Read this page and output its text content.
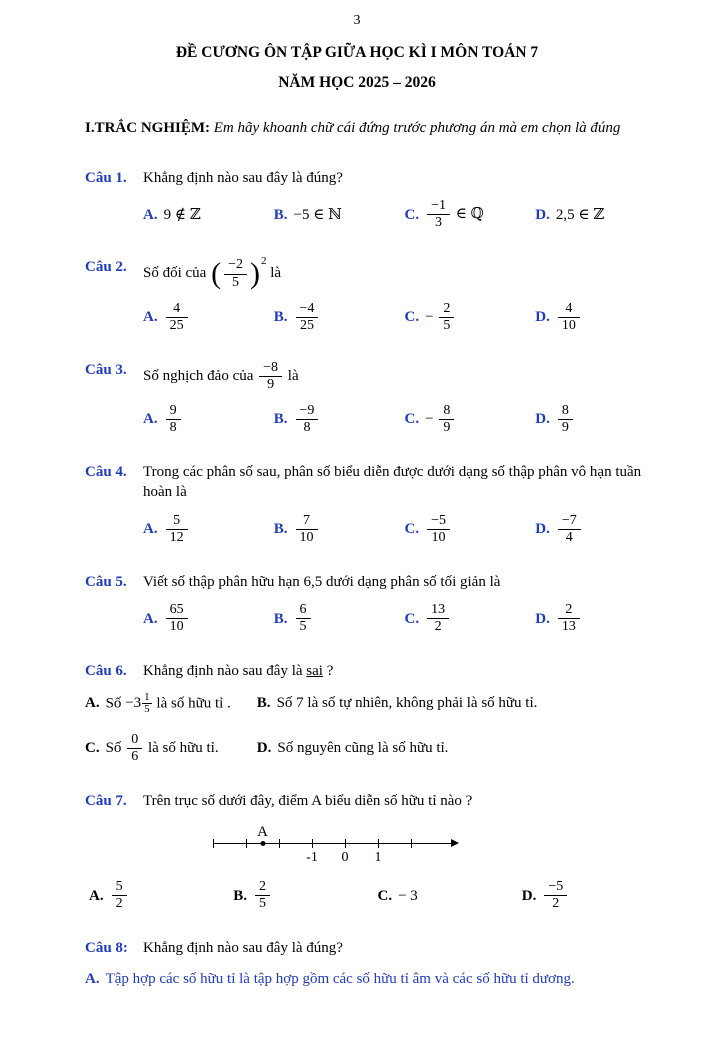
3
ĐỀ CƯƠNG ÔN TẬP GIỮA HỌC KÌ I MÔN TOÁN 7
NĂM HỌC 2025 – 2026

I.TRẮC NGHIỆM: Em hãy khoanh chữ cái đứng trước phương án mà em chọn là đúng

Câu 1.	Khẳng định nào sau đây là đúng?
A. 9 ∉ ℤ	B. −5 ∈ ℕ	C. $\frac{-1}{3}$ ∈ ℚ	D. 2,5 ∈ ℤ
Câu 2.	Số đối của ( $\frac{-2}{5} )2$ là
A. $\frac{4}{25}$	B. $\frac{-4}{25}$	C. − $\frac{2}{5}$	D. $\frac{4}{10}$
Câu 3.	Số nghịch đảo của $\frac{-8}{9}$ là
A. $\frac{9}{8}$	B. $\frac{-9}{8}$	C. − $\frac{8}{9}$	D. $\frac{8}{9}$
Câu 4.	Trong các phân số sau, phân số biểu diễn được dưới dạng số thập phân vô hạn tuần hoàn là
A. $\frac{5}{12}$	B. $\frac{7}{10}$	C. $\frac{-5}{10}$	D. $\frac{-7}{4}$
Câu 5.	Viết số thập phân hữu hạn 6,5 dưới dạng phân số tối giản là
A. $\frac{65}{10}$	B. $\frac{6}{5}$	C. $\frac{13}{2}$	D. $\frac{2}{13}$
Câu 6.	Khẳng định nào sau đây là sai ?
A. Số $-3 \frac{1}{5}$ là số hữu tỉ . B. Số 7 là số tự nhiên, không phải là số hữu tỉ.
C. Số $\frac{0}{6}$ là số hữu tỉ.	D. Số nguyên cũng là số hữu tỉ.
Câu 7.	Trên trục số dưới đây, điểm A biểu diễn số hữu tỉ nào ?
-1 0 1
A
A. $\frac{5}{2}$	B. $\frac{2}{5}$	C. − 3	D. $\frac{-5}{2}$
Câu 8:	Khẳng định nào sau đây là đúng?
A. Tập hợp các số hữu tỉ là tập hợp gồm các số hữu tỉ âm và các số hữu tỉ dương.
